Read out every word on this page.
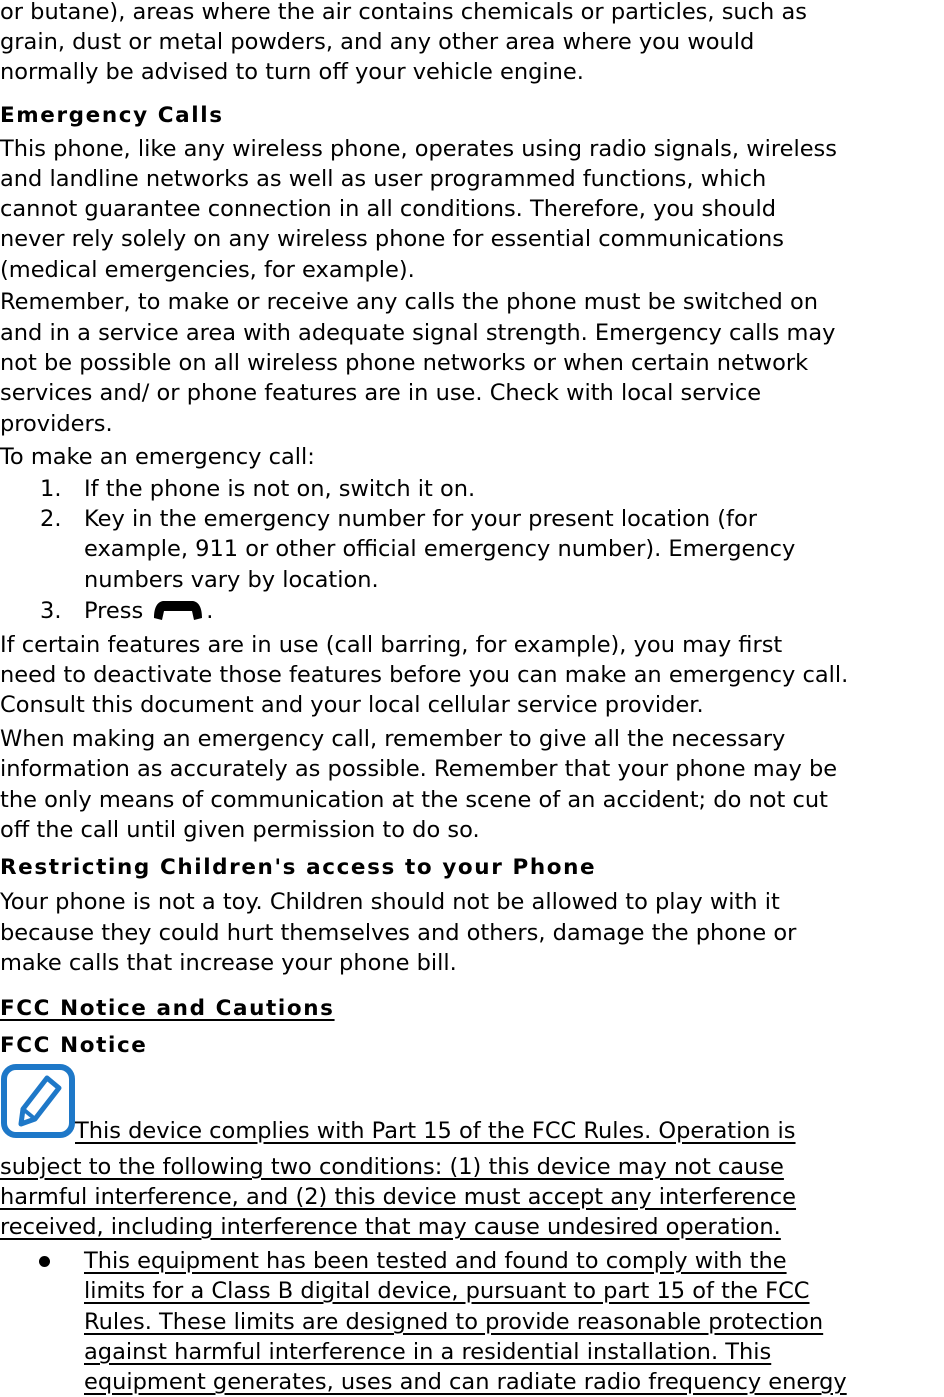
or butane), areas where the air contains chemicals or particles, such as
grain, dust or metal powders, and any other area where you would
normally be advised to turn off your vehicle engine.
Emergency Calls
This phone, like any wireless phone, operates using radio signals, wireless
and landline networks as well as user programmed functions, which
cannot guarantee connection in all conditions. Therefore, you should
never rely solely on any wireless phone for essential communications
(medical emergencies, for example).
Remember, to make or receive any calls the phone must be switched on
and in a service area with adequate signal strength. Emergency calls may
not be possible on all wireless phone networks or when certain network
services and/ or phone features are in use. Check with local service
providers.
To make an emergency call:
1.	If the phone is not on, switch it on.
2.	Key in the emergency number for your present location (for
example, 911 or other official emergency number). Emergency
numbers vary by location.
3.	Press	.
If certain features are in use (call barring, for example), you may first
need to deactivate those features before you can make an emergency call.
Consult this document and your local cellular service provider.
When making an emergency call, remember to give all the necessary
information as accurately as possible. Remember that your phone may be
the only means of communication at the scene of an accident; do not cut
off the call until given permission to do so.
Restricting Children's access to your Phone
Your phone is not a toy. Children should not be allowed to play with it
because they could hurt themselves and others, damage the phone or
make calls that increase your phone bill.
FCC Notice and Cautions
FCC Notice
This device complies with Part 15 of the FCC Rules. Operation is
subject to the following two conditions: (1) this device may not cause
harmful interference, and (2) this device must accept any interference
received, including interference that may cause undesired operation.
This equipment has been tested and found to comply with the
limits for a Class B digital device, pursuant to part 15 of the FCC
Rules. These limits are designed to provide reasonable protection
against harmful interference in a residential installation. This
equipment generates, uses and can radiate radio frequency energy
